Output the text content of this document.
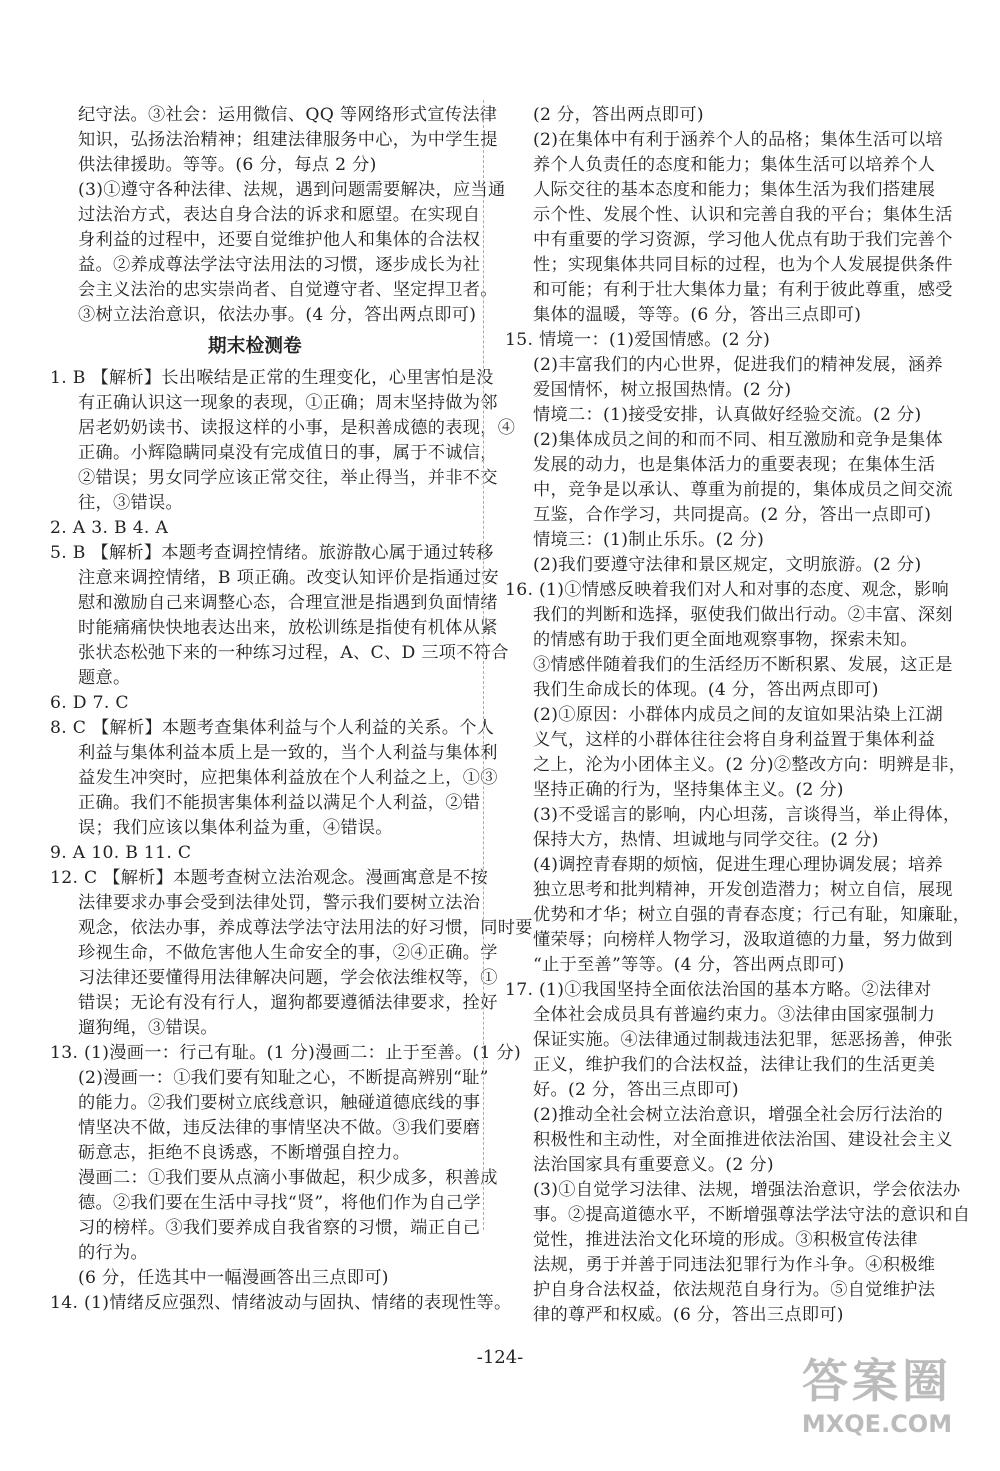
纪守法。③社会：运用微信、QQ 等网络形式宣传法律
知识，弘扬法治精神；组建法律服务中心，为中学生提
供法律援助。等等。(6 分，每点 2 分)
(3)①遵守各种法律、法规，遇到问题需要解决，应当通
过法治方式，表达自身合法的诉求和愿望。在实现自
身利益的过程中，还要自觉维护他人和集体的合法权
益。②养成尊法学法守法用法的习惯，逐步成长为社
会主义法治的忠实崇尚者、自觉遵守者、坚定捍卫者。
③树立法治意识，依法办事。(4 分，答出两点即可)
期末检测卷
1. B 【解析】长出喉结是正常的生理变化，心里害怕是没
有正确认识这一现象的表现，①正确；周末坚持做为邻
居老奶奶读书、读报这样的小事，是积善成德的表现，④
正确。小辉隐瞒同桌没有完成值日的事，属于不诚信，
②错误；男女同学应该正常交往，举止得当，并非不交
往，③错误。
2. A 3. B 4. A
5. B 【解析】本题考查调控情绪。旅游散心属于通过转移
注意来调控情绪，B 项正确。改变认知评价是指通过安
慰和激励自己来调整心态，合理宣泄是指遇到负面情绪
时能痛痛快快地表达出来，放松训练是指使有机体从紧
张状态松弛下来的一种练习过程，A、C、D 三项不符合
题意。
6. D 7. C
8. C 【解析】本题考查集体利益与个人利益的关系。个人
利益与集体利益本质上是一致的，当个人利益与集体利
益发生冲突时，应把集体利益放在个人利益之上，①③
正确。我们不能损害集体利益以满足个人利益，②错
误；我们应该以集体利益为重，④错误。
9. A 10. B 11. C
12. C 【解析】本题考查树立法治观念。漫画寓意是不按
法律要求办事会受到法律处罚，警示我们要树立法治
观念，依法办事，养成尊法学法守法用法的好习惯，同时要
珍视生命，不做危害他人生命安全的事，②④正确。学
习法律还要懂得用法律解决问题，学会依法维权等，①
错误；无论有没有行人，遛狗都要遵循法律要求，拴好
遛狗绳，③错误。
13. (1)漫画一：行己有耻。(1 分)漫画二：止于至善。(1 分)
(2)漫画一：①我们要有知耻之心，不断提高辨别“耻”
的能力。②我们要树立底线意识，触碰道德底线的事
情坚决不做，违反法律的事情坚决不做。③我们要磨
砺意志，拒绝不良诱惑，不断增强自控力。
漫画二：①我们要从点滴小事做起，积少成多，积善成
德。②我们要在生活中寻找“贤”，将他们作为自己学
习的榜样。③我们要养成自我省察的习惯，端正自己
的行为。
(6 分，任选其中一幅漫画答出三点即可)
14. (1)情绪反应强烈、情绪波动与固执、情绪的表现性等。
(2 分，答出两点即可)
(2)在集体中有利于涵养个人的品格；集体生活可以培
养个人负责任的态度和能力；集体生活可以培养个人
人际交往的基本态度和能力；集体生活为我们搭建展
示个性、发展个性、认识和完善自我的平台；集体生活
中有重要的学习资源，学习他人优点有助于我们完善个
性；实现集体共同目标的过程，也为个人发展提供条件
和可能；有利于壮大集体力量；有利于彼此尊重，感受
集体的温暖，等等。(6 分，答出三点即可)
15. 情境一：(1)爱国情感。(2 分)
(2)丰富我们的内心世界，促进我们的精神发展，涵养
爱国情怀，树立报国热情。(2 分)
情境二：(1)接受安排，认真做好经验交流。(2 分)
(2)集体成员之间的和而不同、相互激励和竞争是集体
发展的动力，也是集体活力的重要表现；在集体生活
中，竞争是以承认、尊重为前提的，集体成员之间交流
互鉴，合作学习，共同提高。(2 分，答出一点即可)
情境三：(1)制止乐乐。(2 分)
(2)我们要遵守法律和景区规定，文明旅游。(2 分)
16. (1)①情感反映着我们对人和对事的态度、观念，影响
我们的判断和选择，驱使我们做出行动。②丰富、深刻
的情感有助于我们更全面地观察事物，探索未知。
③情感伴随着我们的生活经历不断积累、发展，这正是
我们生命成长的体现。(4 分，答出两点即可)
(2)①原因：小群体内成员之间的友谊如果沾染上江湖
义气，这样的小群体往往会将自身利益置于集体利益
之上，沦为小团体主义。(2 分)②整改方向：明辨是非，
坚持正确的行为，坚持集体主义。(2 分)
(3)不受谣言的影响，内心坦荡，言谈得当，举止得体，
保持大方，热情、坦诚地与同学交往。(2 分)
(4)调控青春期的烦恼，促进生理心理协调发展；培养
独立思考和批判精神，开发创造潜力；树立自信，展现
优势和才华；树立自强的青春态度；行己有耻，知廉耻，
懂荣辱；向榜样人物学习，汲取道德的力量，努力做到
“止于至善”等等。(4 分，答出两点即可)
17. (1)①我国坚持全面依法治国的基本方略。②法律对
全体社会成员具有普遍约束力。③法律由国家强制力
保证实施。④法律通过制裁违法犯罪，惩恶扬善，伸张
正义，维护我们的合法权益，法律让我们的生活更美
好。(2 分，答出三点即可)
(2)推动全社会树立法治意识，增强全社会厉行法治的
积极性和主动性，对全面推进依法治国、建设社会主义
法治国家具有重要意义。(2 分)
(3)①自觉学习法律、法规，增强法治意识，学会依法办
事。②提高道德水平，不断增强尊法学法守法的意识和自
觉性，推进法治文化环境的形成。③积极宣传法律
法规，勇于并善于同违法犯罪行为作斗争。④积极维
护自身合法权益，依法规范自身行为。⑤自觉维护法
律的尊严和权威。(6 分，答出三点即可)
-124-	答案圈
MXQE.COM
